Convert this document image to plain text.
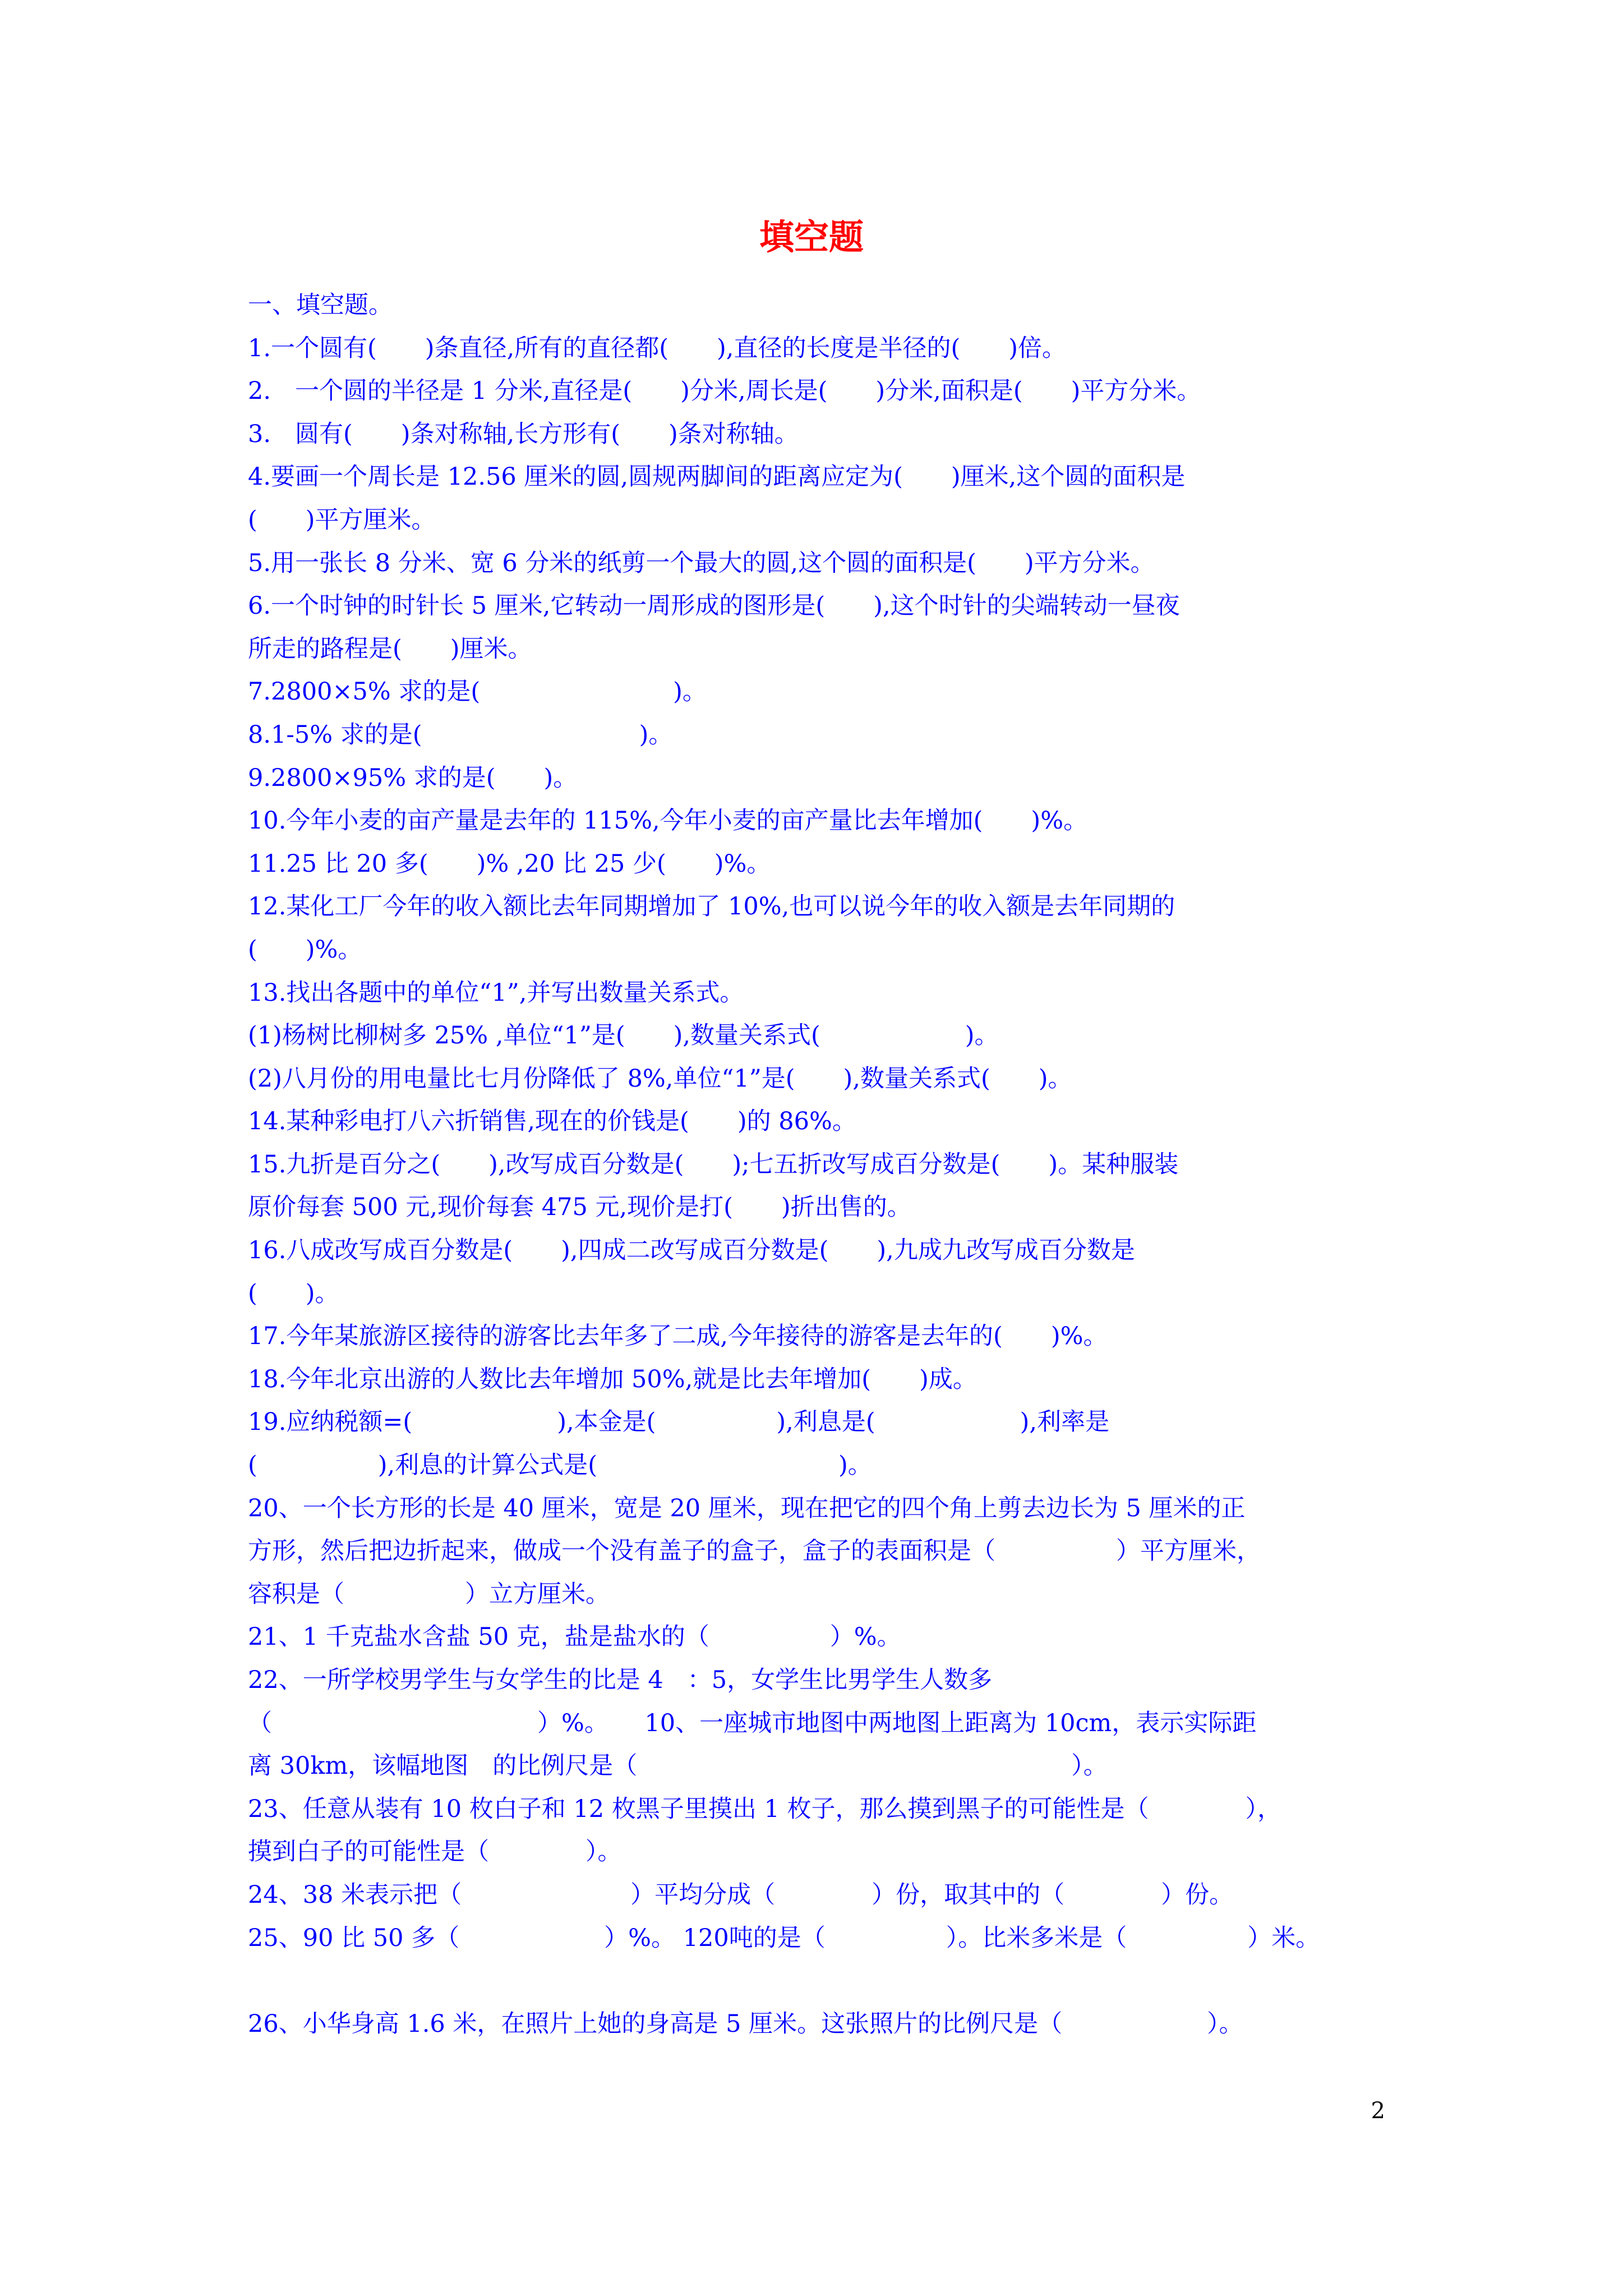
填空题
一、填空题。
1.一个圆有(　　)条直径,所有的直径都(　　),直径的长度是半径的(　　)倍。
2.　一个圆的半径是 1 分米,直径是(　　)分米,周长是(　　)分米,面积是(　　)平方分米。
3.　圆有(　　)条对称轴,长方形有(　　)条对称轴。
4.要画一个周长是 12.56 厘米的圆,圆规两脚间的距离应定为(　　)厘米,这个圆的面积是
(　　)平方厘米。
5.用一张长 8 分米、宽 6 分米的纸剪一个最大的圆,这个圆的面积是(　　)平方分米。
6.一个时钟的时针长 5 厘米,它转动一周形成的图形是(　　),这个时针的尖端转动一昼夜
所走的路程是(　　)厘米。
7.2800×5% 求的是(　　　　　　　　)。
8.1-5% 求的是(　　　　　　　　　)。
9.2800×95% 求的是(　　)。
10.今年小麦的亩产量是去年的 115%,今年小麦的亩产量比去年增加(　　)%。
11.25 比 20 多(　　)% ,20 比 25 少(　　)%。
12.某化工厂今年的收入额比去年同期增加了 10%,也可以说今年的收入额是去年同期的
(　　)%。
13.找出各题中的单位“1”,并写出数量关系式。
(1)杨树比柳树多 25% ,单位“1”是(　　),数量关系式(　　　　　　)。
(2)八月份的用电量比七月份降低了 8%,单位“1”是(　　),数量关系式(　　)。
14.某种彩电打八六折销售,现在的价钱是(　　)的 86%。
15.九折是百分之(　　),改写成百分数是(　　);七五折改写成百分数是(　　)。某种服装
原价每套 500 元,现价每套 475 元,现价是打(　　)折出售的。
16.八成改写成百分数是(　　),四成二改写成百分数是(　　),九成九改写成百分数是
(　　)。
17.今年某旅游区接待的游客比去年多了二成,今年接待的游客是去年的(　　)%。
18.今年北京出游的人数比去年增加 50%,就是比去年增加(　　)成。
19.应纳税额=(　　　　　　),本金是(　　　　　),利息是(　　　　　　),利率是
(　　　　　),利息的计算公式是(　　　　　　　　　　)。
20、一个长方形的长是 40 厘米，宽是 20 厘米，现在把它的四个角上剪去边长为 5 厘米的正
方形，然后把边折起来，做成一个没有盖子的盒子，盒子的表面积是（　　　　　）平方厘米，
容积是（　　　　　）立方厘米。
21、1 千克盐水含盐 50 克，盐是盐水的（　　　　　）%。
22、一所学校男学生与女学生的比是 4　：5，女学生比男学生人数多
（　　　　　　　　　　　）%。　　10、一座城市地图中两地图上距离为 10cm，表示实际距
离 30km，该幅地图　的比例尺是（　　　　　　　　　　　　　　　　　　）。
23、任意从装有 10 枚白子和 12 枚黑子里摸出 1 枚子，那么摸到黑子的可能性是（　　　　），
摸到白子的可能性是（　　　　）。
24、38 米表示把（　　　　　　　）平均分成（　　　　）份，取其中的（　　　　）份。
25、90 比 50 多（　　　　　　）%。 120吨的是（　　　　　）。比米多米是（　　　　　）米。
26、小华身高 1.6 米，在照片上她的身高是 5 厘米。这张照片的比例尺是（　　　　　　）。
2
